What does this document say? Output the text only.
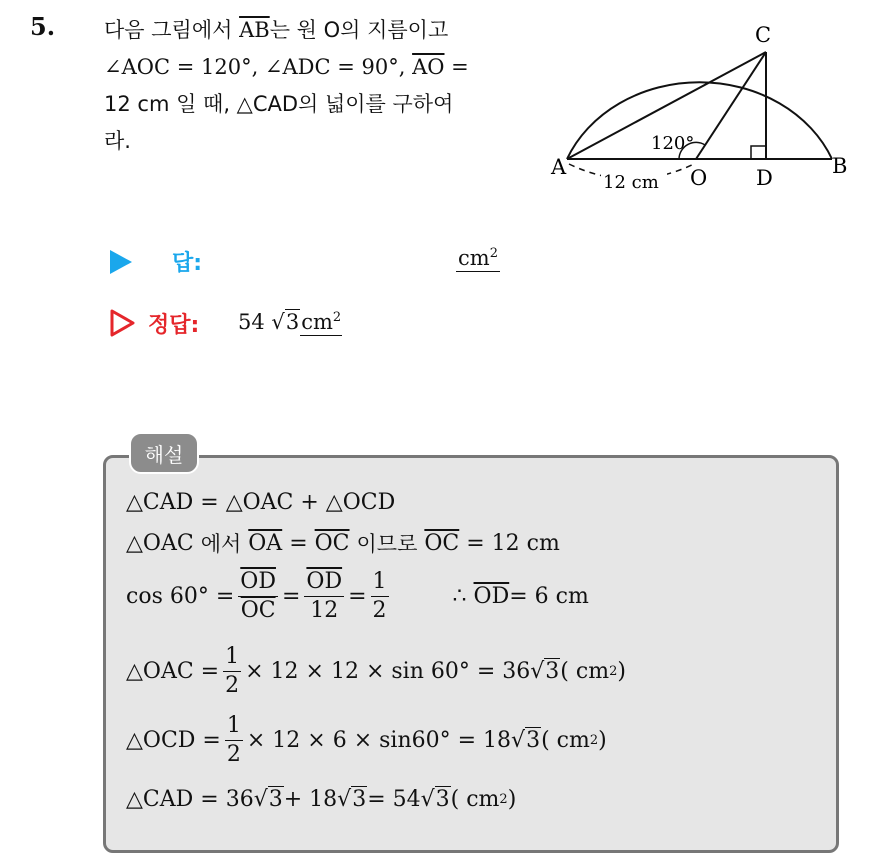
5. 다음 그림에서 $\overline{AB}$는 원 O의 지름이고
∠AOC = 120°, ∠ADC = 90°, $\overline{AO}$ =
12 cm 일 때, △CAD의 넓이를 구하여
라.
A	B
C
O D
120°
12 cm
답:	$cm^2$
정답: 54 $√3cm^2$
해설
△CAD = △OAC + △OCD
△OAC
에서
$\overline{OA}$
=
$\overline{OC}$
이므로
$\overline{OC}$
= 12 cm
$\cos 60^\circ = \frac{\overline{OD}}{OC} = \frac{\overline{OD}}{12} = \frac{1}{2}$	∴
$\overline{OD} = 6$ cm
△OAC = $\frac{1}{2} \times 12 \times 12 \times \sin 60^\circ = 36$ √3 ( cm 2 )
△OCD = $\frac{1}{2} \times 12 \times 6 \times \sin 60^\circ = 18$ √3 ( cm 2 )
△CAD = 36 √3 + 18 √3 = 54 √3 ( cm 2 )
